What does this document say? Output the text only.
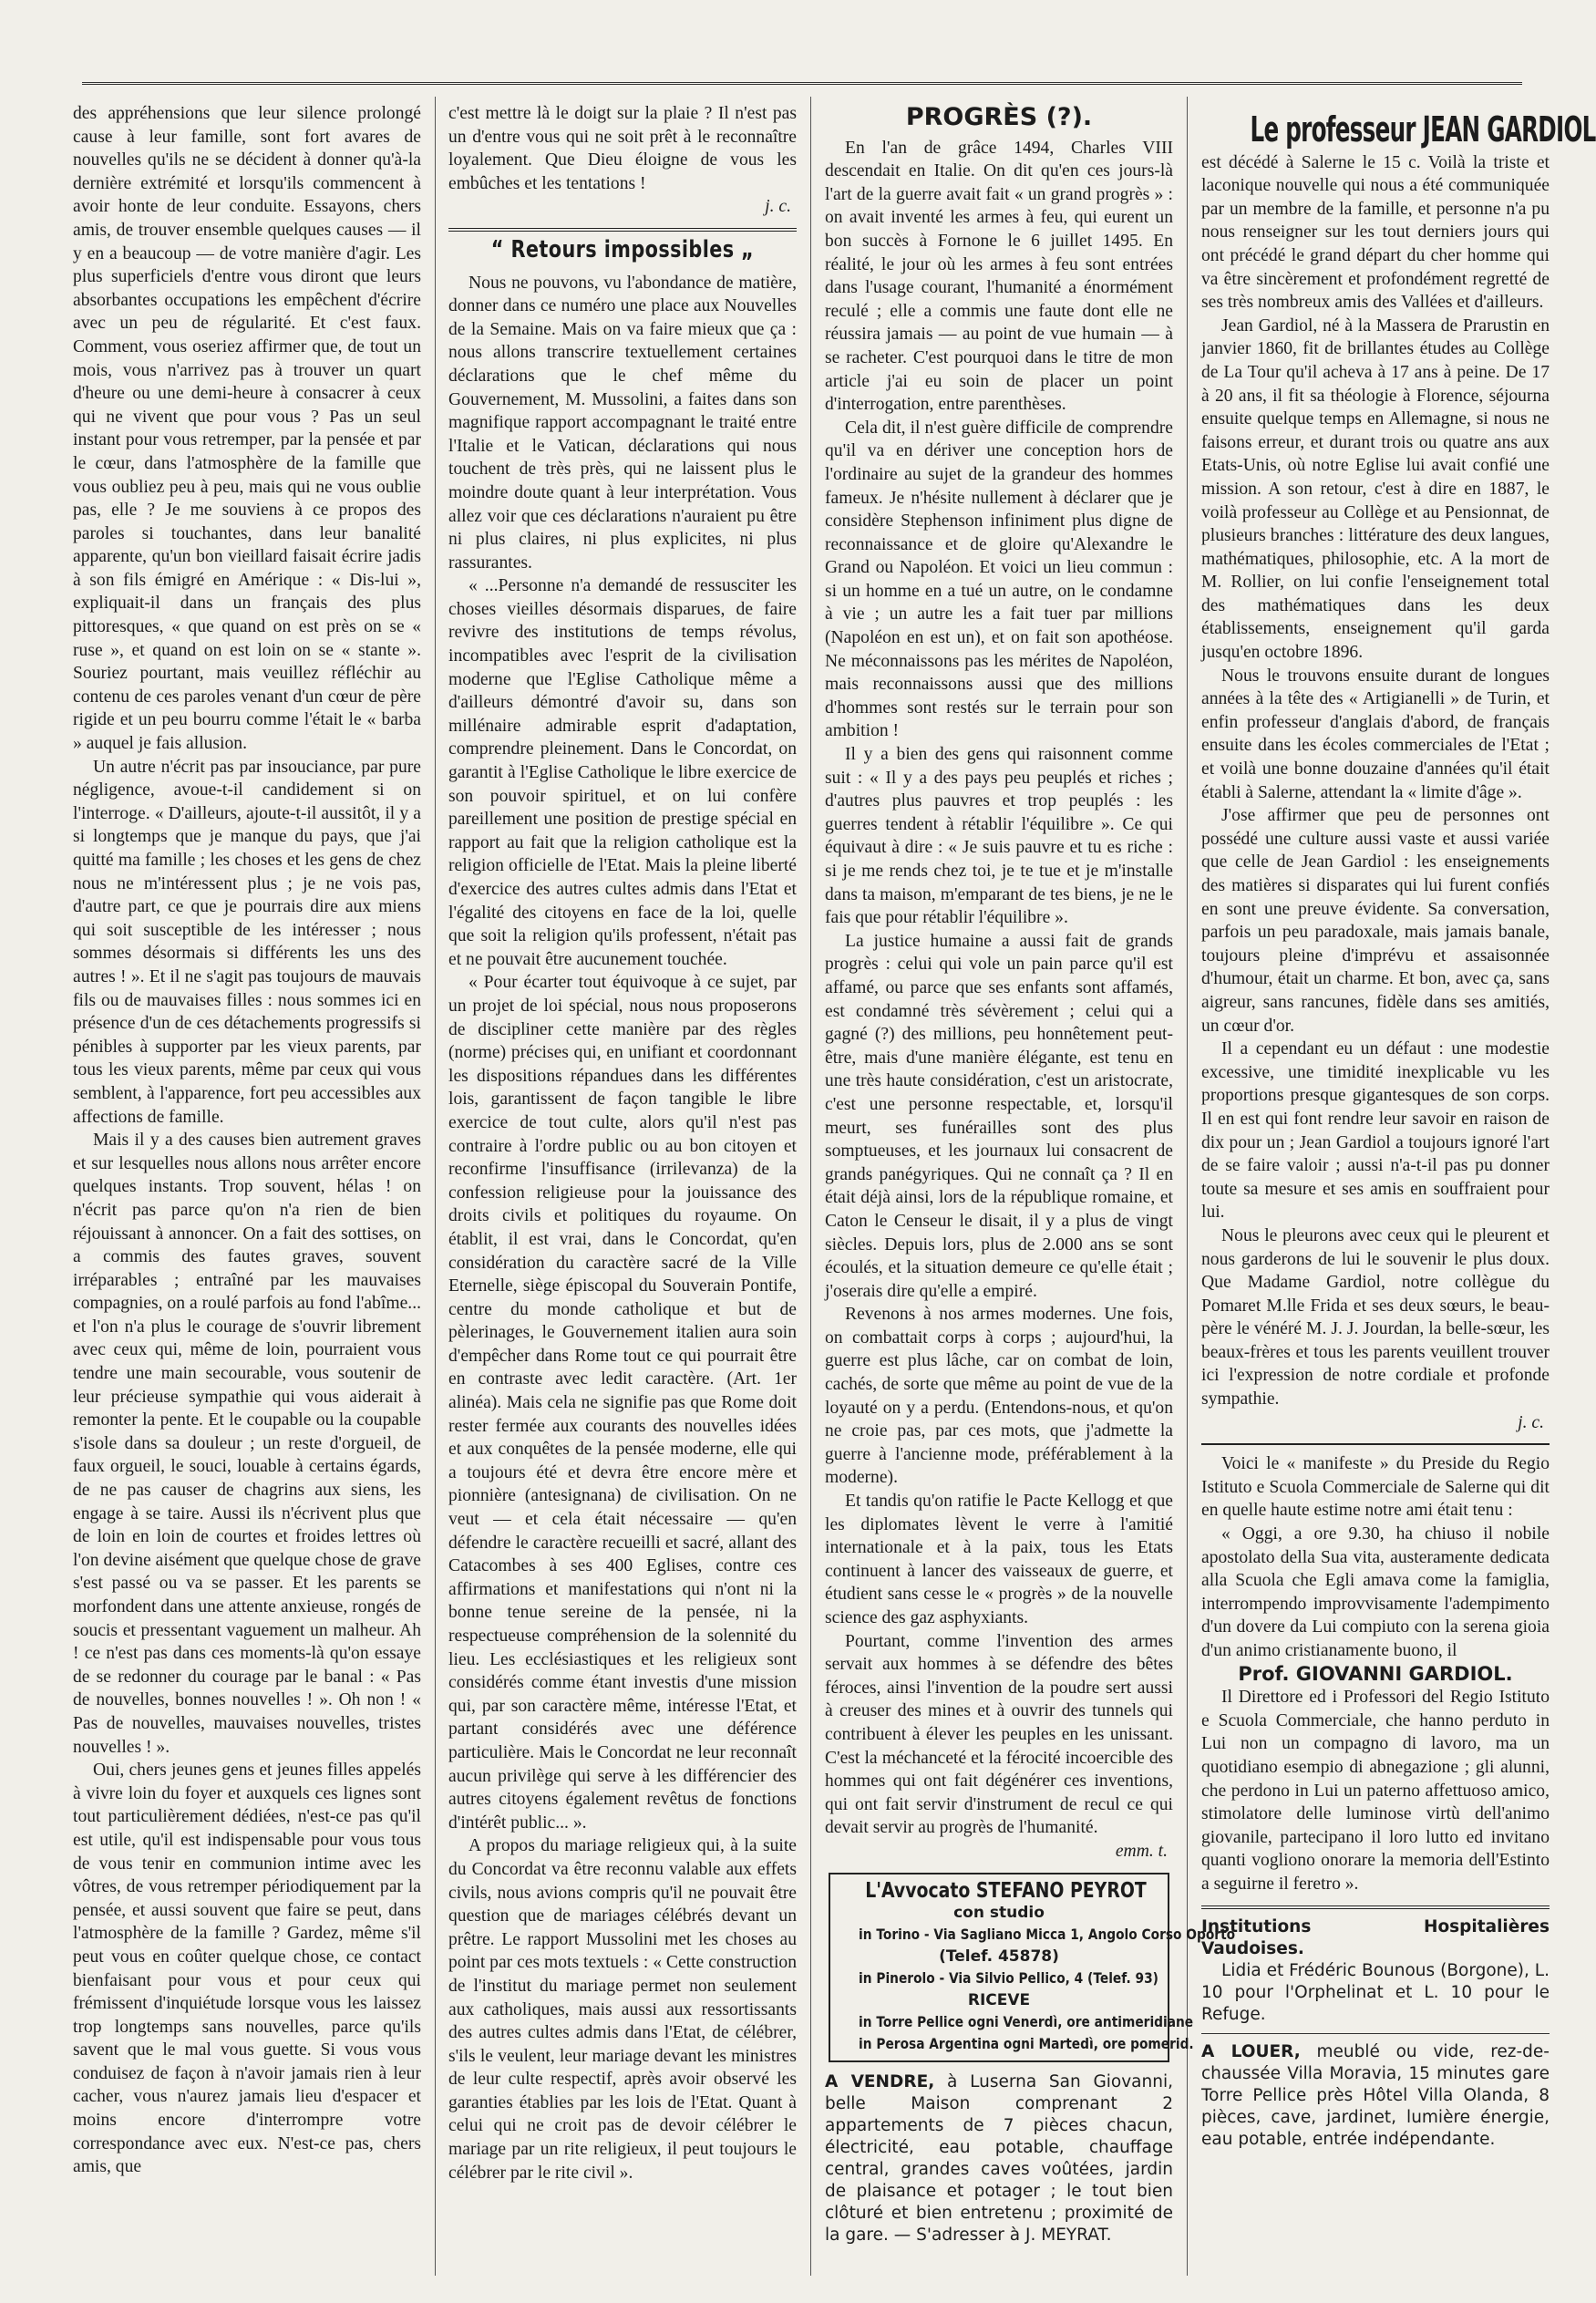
des appréhensions que leur silence prolongé cause à leur famille, sont fort avares de nouvelles qu'ils ne se décident à donner qu'à-la dernière extrémité et lorsqu'ils commencent à avoir honte de leur conduite. Essayons, chers amis, de trouver ensemble quelques causes — il y en a beaucoup — de votre manière d'agir. Les plus superficiels d'entre vous diront que leurs absorbantes occupations les empêchent d'écrire avec un peu de régularité. Et c'est faux. Comment, vous oseriez affirmer que, de tout un mois, vous n'arrivez pas à trouver un quart d'heure ou une demi-heure à consacrer à ceux qui ne vivent que pour vous ? Pas un seul instant pour vous retremper, par la pensée et par le cœur, dans l'atmosphère de la famille que vous oubliez peu à peu, mais qui ne vous oublie pas, elle ? Je me souviens à ce propos des paroles si touchantes, dans leur banalité apparente, qu'un bon vieillard faisait écrire jadis à son fils émigré en Amérique : « Dis-lui », expliquait-il dans un français des plus pittoresques, « que quand on est près on se « ruse », et quand on est loin on se « stante ». Souriez pourtant, mais veuillez réfléchir au contenu de ces paroles venant d'un cœur de père rigide et un peu bourru comme l'était le « barba » auquel je fais allusion.

Un autre n'écrit pas par insouciance, par pure négligence, avoue-t-il candidement si on l'interroge. « D'ailleurs, ajoute-t-il aussitôt, il y a si longtemps que je manque du pays, que j'ai quitté ma famille ; les choses et les gens de chez nous ne m'intéressent plus ; je ne vois pas, d'autre part, ce que je pourrais dire aux miens qui soit susceptible de les intéresser ; nous sommes désormais si différents les uns des autres ! ». Et il ne s'agit pas toujours de mauvais fils ou de mauvaises filles : nous sommes ici en présence d'un de ces détachements progressifs si pénibles à supporter par les vieux parents, par tous les vieux parents, même par ceux qui vous semblent, à l'apparence, fort peu accessibles aux affections de famille.

Mais il y a des causes bien autrement graves et sur lesquelles nous allons nous arrêter encore quelques instants. Trop souvent, hélas ! on n'écrit pas parce qu'on n'a rien de bien réjouissant à annoncer. On a fait des sottises, on a commis des fautes graves, souvent irréparables ; entraîné par les mauvaises compagnies, on a roulé parfois au fond l'abîme... et l'on n'a plus le courage de s'ouvrir librement avec ceux qui, même de loin, pourraient vous tendre une main secourable, vous soutenir de leur précieuse sympathie qui vous aiderait à remonter la pente. Et le coupable ou la coupable s'isole dans sa douleur ; un reste d'orgueil, de faux orgueil, le souci, louable à certains égards, de ne pas causer de chagrins aux siens, les engage à se taire. Aussi ils n'écrivent plus que de loin en loin de courtes et froides lettres où l'on devine aisément que quelque chose de grave s'est passé ou va se passer. Et les parents se morfondent dans une attente anxieuse, rongés de soucis et pressentant vaguement un malheur. Ah ! ce n'est pas dans ces moments-là qu'on essaye de se redonner du courage par le banal : « Pas de nouvelles, bonnes nouvelles ! ». Oh non ! « Pas de nouvelles, mauvaises nouvelles, tristes nouvelles ! ».

Oui, chers jeunes gens et jeunes filles appelés à vivre loin du foyer et auxquels ces lignes sont tout particulièrement dédiées, n'est-ce pas qu'il est utile, qu'il est indispensable pour vous tous de vous tenir en communion intime avec les vôtres, de vous retremper périodiquement par la pensée, et aussi souvent que faire se peut, dans l'atmosphère de la famille ? Gardez, même s'il peut vous en coûter quelque chose, ce contact bienfaisant pour vous et pour ceux qui frémissent d'inquiétude lorsque vous les laissez trop longtemps sans nouvelles, parce qu'ils savent que le mal vous guette. Si vous vous conduisez de façon à n'avoir jamais rien à leur cacher, vous n'aurez jamais lieu d'espacer et moins encore d'interrompre votre correspondance avec eux. N'est-ce pas, chers amis, que

c'est mettre là le doigt sur la plaie ? Il n'est pas un d'entre vous qui ne soit prêt à le reconnaître loyalement. Que Dieu éloigne de vous les embûches et les tentations !

j. c.
“ Retours impossibles „

Nous ne pouvons, vu l'abondance de matière, donner dans ce numéro une place aux Nouvelles de la Semaine. Mais on va faire mieux que ça : nous allons transcrire textuellement certaines déclarations que le chef même du Gouvernement, M. Mussolini, a faites dans son magnifique rapport accompagnant le traité entre l'Italie et le Vatican, déclarations qui nous touchent de très près, qui ne laissent plus le moindre doute quant à leur interprétation. Vous allez voir que ces déclarations n'auraient pu être ni plus claires, ni plus explicites, ni plus rassurantes.

« ...Personne n'a demandé de ressusciter les choses vieilles désormais disparues, de faire revivre des institutions de temps révolus, incompatibles avec l'esprit de la civilisation moderne que l'Eglise Catholique même a d'ailleurs démontré d'avoir su, dans son millénaire admirable esprit d'adaptation, comprendre pleinement. Dans le Concordat, on garantit à l'Eglise Catholique le libre exercice de son pouvoir spirituel, et on lui confère pareillement une position de prestige spécial en rapport au fait que la religion catholique est la religion officielle de l'Etat. Mais la pleine liberté d'exercice des autres cultes admis dans l'Etat et l'égalité des citoyens en face de la loi, quelle que soit la religion qu'ils professent, n'était pas et ne pouvait être aucunement touchée.

« Pour écarter tout équivoque à ce sujet, par un projet de loi spécial, nous nous proposerons de discipliner cette manière par des règles (norme) précises qui, en unifiant et coordonnant les dispositions répandues dans les différentes lois, garantissent de façon tangible le libre exercice de tout culte, alors qu'il n'est pas contraire à l'ordre public ou au bon citoyen et reconfirme l'insuffisance (irrilevanza) de la confession religieuse pour la jouissance des droits civils et politiques du royaume. On établit, il est vrai, dans le Concordat, qu'en considération du caractère sacré de la Ville Eternelle, siège épiscopal du Souverain Pontife, centre du monde catholique et but de pèlerinages, le Gouvernement italien aura soin d'empêcher dans Rome tout ce qui pourrait être en contraste avec ledit caractère. (Art. 1er alinéa). Mais cela ne signifie pas que Rome doit rester fermée aux courants des nouvelles idées et aux conquêtes de la pensée moderne, elle qui a toujours été et devra être encore mère et pionnière (antesignana) de civilisation. On ne veut — et cela était nécessaire — qu'en défendre le caractère recueilli et sacré, allant des Catacombes à ses 400 Eglises, contre ces affirmations et manifestations qui n'ont ni la bonne tenue sereine de la pensée, ni la respectueuse compréhension de la solennité du lieu. Les ecclésiastiques et les religieux sont considérés comme étant investis d'une mission qui, par son caractère même, intéresse l'Etat, et partant considérés avec une déférence particulière. Mais le Concordat ne leur reconnaît aucun privilège qui serve à les différencier des autres citoyens également revêtus de fonctions d'intérêt public... ».

A propos du mariage religieux qui, à la suite du Concordat va être reconnu valable aux effets civils, nous avions compris qu'il ne pouvait être question que de mariages célébrés devant un prêtre. Le rapport Mussolini met les choses au point par ces mots textuels : « Cette construction de l'institut du mariage permet non seulement aux catholiques, mais aussi aux ressortissants des autres cultes admis dans l'Etat, de célébrer, s'ils le veulent, leur mariage devant les ministres de leur culte respectif, après avoir observé les garanties établies par les lois de l'Etat. Quant à celui qui ne croit pas de devoir célébrer le mariage par un rite religieux, il peut toujours le célébrer par le rite civil ».

PROGRÈS (?).

En l'an de grâce 1494, Charles VIII descendait en Italie. On dit qu'en ces jours-là l'art de la guerre avait fait « un grand progrès » : on avait inventé les armes à feu, qui eurent un bon succès à Fornone le 6 juillet 1495. En réalité, le jour où les armes à feu sont entrées dans l'usage courant, l'humanité a énormément reculé ; elle a commis une faute dont elle ne réussira jamais — au point de vue humain — à se racheter. C'est pourquoi dans le titre de mon article j'ai eu soin de placer un point d'interrogation, entre parenthèses.

Cela dit, il n'est guère difficile de comprendre qu'il va en dériver une conception hors de l'ordinaire au sujet de la grandeur des hommes fameux. Je n'hésite nullement à déclarer que je considère Stephenson infiniment plus digne de reconnaissance et de gloire qu'Alexandre le Grand ou Napoléon. Et voici un lieu commun : si un homme en a tué un autre, on le condamne à vie ; un autre les a fait tuer par millions (Napoléon en est un), et on fait son apothéose. Ne méconnaissons pas les mérites de Napoléon, mais reconnaissons aussi que des millions d'hommes sont restés sur le terrain pour son ambition !

Il y a bien des gens qui raisonnent comme suit : « Il y a des pays peu peuplés et riches ; d'autres plus pauvres et trop peuplés : les guerres tendent à rétablir l'équilibre ». Ce qui équivaut à dire : « Je suis pauvre et tu es riche : si je me rends chez toi, je te tue et je m'installe dans ta maison, m'emparant de tes biens, je ne le fais que pour rétablir l'équilibre ».

La justice humaine a aussi fait de grands progrès : celui qui vole un pain parce qu'il est affamé, ou parce que ses enfants sont affamés, est condamné très sévèrement ; celui qui a gagné (?) des millions, peu honnêtement peut-être, mais d'une manière élégante, est tenu en une très haute considération, c'est un aristocrate, c'est une personne respectable, et, lorsqu'il meurt, ses funérailles sont des plus somptueuses, et les journaux lui consacrent de grands panégyriques. Qui ne connaît ça ? Il en était déjà ainsi, lors de la république romaine, et Caton le Censeur le disait, il y a plus de vingt siècles. Depuis lors, plus de 2.000 ans se sont écoulés, et la situation demeure ce qu'elle était ; j'oserais dire qu'elle a empiré.

Revenons à nos armes modernes. Une fois, on combattait corps à corps ; aujourd'hui, la guerre est plus lâche, car on combat de loin, cachés, de sorte que même au point de vue de la loyauté on y a perdu. (Entendons-nous, et qu'on ne croie pas, par ces mots, que j'admette la guerre à l'ancienne mode, préférablement à la moderne).

Et tandis qu'on ratifie le Pacte Kellogg et que les diplomates lèvent le verre à l'amitié internationale et à la paix, tous les Etats continuent à lancer des vaisseaux de guerre, et étudient sans cesse le « progrès » de la nouvelle science des gaz asphyxiants.

Pourtant, comme l'invention des armes servait aux hommes à se défendre des bêtes féroces, ainsi l'invention de la poudre sert aussi à creuser des mines et à ouvrir des tunnels qui contribuent à élever les peuples en les unissant. C'est la méchanceté et la férocité incoercible des hommes qui ont fait dégénérer ces inventions, qui ont fait servir d'instrument de recul ce qui devait servir au progrès de l'humanité.

emm. t.
L'Avvocato STEFANO PEYROT
con studio
in Torino - Via Sagliano Micca 1, Angolo Corso Oporto
(Telef. 45878)
in Pinerolo - Via Silvio Pellico, 4 (Telef. 93)
RICEVE
in Torre Pellice ogni Venerdì, ore antimeridiane
in Perosa Argentina ogni Martedì, ore pomerid.
A VENDRE, à Luserna San Giovanni, belle Maison comprenant 2 appartements de 7 pièces chacun, électricité, eau potable, chauffage central, grandes caves voûtées, jardin de plaisance et potager ; le tout bien clôturé et bien entretenu ; proximité de la gare. — S'adresser à J. MEYRAT.
Le professeur JEAN GARDIOL

est décédé à Salerne le 15 c. Voilà la triste et laconique nouvelle qui nous a été communiquée par un membre de la famille, et personne n'a pu nous renseigner sur les tout derniers jours qui ont précédé le grand départ du cher homme qui va être sincèrement et profondément regretté de ses très nombreux amis des Vallées et d'ailleurs.

Jean Gardiol, né à la Massera de Prarustin en janvier 1860, fit de brillantes études au Collège de La Tour qu'il acheva à 17 ans à peine. De 17 à 20 ans, il fit sa théologie à Florence, séjourna ensuite quelque temps en Allemagne, si nous ne faisons erreur, et durant trois ou quatre ans aux Etats-Unis, où notre Eglise lui avait confié une mission. A son retour, c'est à dire en 1887, le voilà professeur au Collège et au Pensionnat, de plusieurs branches : littérature des deux langues, mathématiques, philosophie, etc. A la mort de M. Rollier, on lui confie l'enseignement total des mathématiques dans les deux établissements, enseignement qu'il garda jusqu'en octobre 1896.

Nous le trouvons ensuite durant de longues années à la tête des « Artigianelli » de Turin, et enfin professeur d'anglais d'abord, de français ensuite dans les écoles commerciales de l'Etat ; et voilà une bonne douzaine d'années qu'il était établi à Salerne, attendant la « limite d'âge ».

J'ose affirmer que peu de personnes ont possédé une culture aussi vaste et aussi variée que celle de Jean Gardiol : les enseignements des matières si disparates qui lui furent confiés en sont une preuve évidente. Sa conversation, parfois un peu paradoxale, mais jamais banale, toujours pleine d'imprévu et assaisonnée d'humour, était un charme. Et bon, avec ça, sans aigreur, sans rancunes, fidèle dans ses amitiés, un cœur d'or.

Il a cependant eu un défaut : une modestie excessive, une timidité inexplicable vu les proportions presque gigantesques de son corps. Il en est qui font rendre leur savoir en raison de dix pour un ; Jean Gardiol a toujours ignoré l'art de se faire valoir ; aussi n'a-t-il pas pu donner toute sa mesure et ses amis en souffraient pour lui.

Nous le pleurons avec ceux qui le pleurent et nous garderons de lui le souvenir le plus doux. Que Madame Gardiol, notre collègue du Pomaret M.lle Frida et ses deux sœurs, le beau-père le vénéré M. J. J. Jourdan, la belle-sœur, les beaux-frères et tous les parents veuillent trouver ici l'expression de notre cordiale et profonde sympathie.

j. c.

Voici le « manifeste » du Preside du Regio Istituto e Scuola Commerciale de Salerne qui dit en quelle haute estime notre ami était tenu :

« Oggi, a ore 9.30, ha chiuso il nobile apostolato della Sua vita, austeramente dedicata alla Scuola che Egli amava come la famiglia, interrompendo improvvisamente l'adempimento d'un dovere da Lui compiuto con la serena gioia d'un animo cristianamente buono, il

Prof. GIOVANNI GARDIOL.

Il Direttore ed i Professori del Regio Istituto e Scuola Commerciale, che hanno perduto in Lui non un compagno di lavoro, ma un quotidiano esempio di abnegazione ; gli alunni, che perdono in Lui un paterno affettuoso amico, stimolatore delle luminose virtù dell'animo giovanile, partecipano il loro lutto ed invitano quanti vogliono onorare la memoria dell'Estinto a seguirne il feretro ».

Institutions Hospitalières Vaudoises.
Lidia et Frédéric Bounous (Borgone), L. 10 pour l'Orphelinat et L. 10 pour le Refuge.
A LOUER, meublé ou vide, rez-de-chaussée Villa Moravia, 15 minutes gare Torre Pellice près Hôtel Villa Olanda, 8 pièces, cave, jardinet, lumière énergie, eau potable, entrée indépendante.
